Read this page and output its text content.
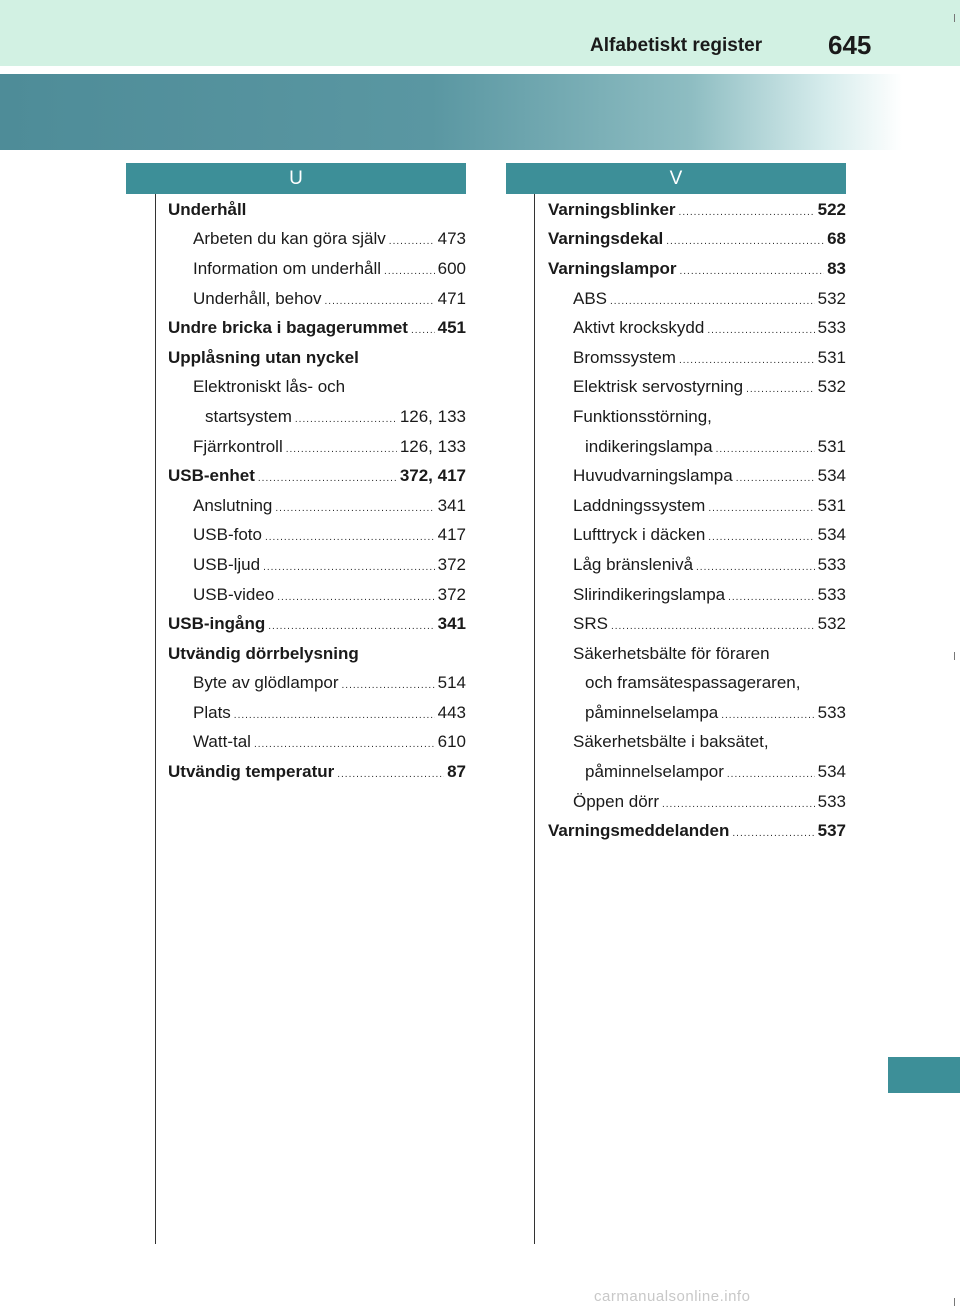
Alfabetiskt register	645
U	V
Underhåll
Arbeten du kan göra själv .....	473
Information om underhåll .....	600
Underhåll, behov .....	471
Undre bricka i bagagerummet ..... 451
Upplåsning utan nyckel
Elektroniskt lås- och
startsystem .....	126, 133
Fjärrkontroll .....	126, 133
USB-enhet .....	372, 417
Anslutning .....	341
USB-foto .....	417
USB-ljud .....	372
USB-video .....	372
USB-ingång .....	341
Utvändig dörrbelysning
Byte av glödlampor .....	514
Plats .....	443
Watt-tal .....	610
Utvändig temperatur .....	87
Varningsblinker .....	522
Varningsdekal .....	68
Varningslampor .....	83
ABS .....	532
Aktivt krockskydd .....	533
Bromssystem .....	531
Elektrisk servostyrning .....	532
Funktionsstörning,
indikeringslampa .....	531
Huvudvarningslampa .....	534
Laddningssystem .....	531
Lufttryck i däcken .....	534
Låg bränslenivå .....	533
Slirindikeringslampa .....	533
SRS .....	532
Säkerhetsbälte för föraren
och framsätespassageraren,
påminnelselampa .....	533
Säkerhetsbälte i baksätet,
påminnelselampor .....	534
Öppen dörr .....	533
Varningsmeddelanden .....	537
carmanualsonline.info
